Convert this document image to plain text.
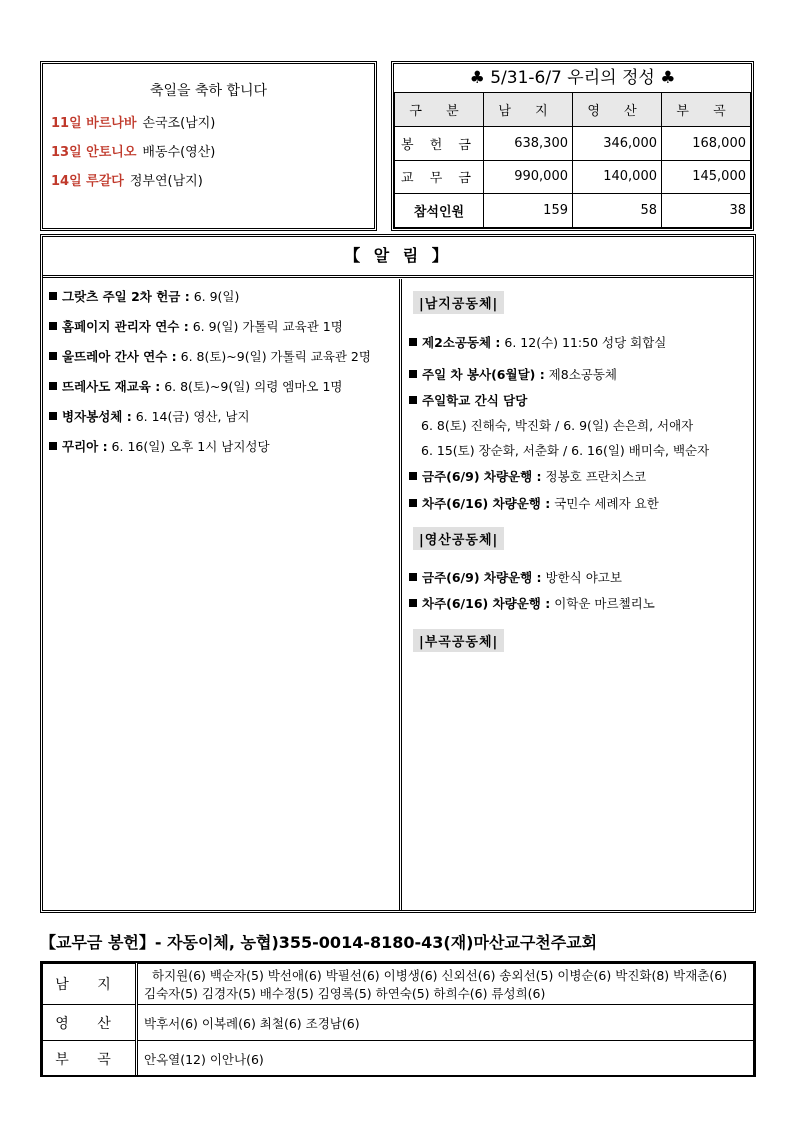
축일을 축하 합니다
11일 바르나바 손국조(남지)
13일 안토니오 배동수(영산)
14일 루갈다 정부연(남지)
♣ 5/31-6/7 우리의 정성 ♣
구 분	남 지	영 산	부 곡
봉 헌 금	638,300	346,000	168,000
교 무 금	990,000	140,000	145,000
참석인원	159	58	38
【 알 림 】
그랏츠 주일 2차 헌금 : 6. 9(일)
홈페이지 관리자 연수 : 6. 9(일) 가톨릭 교육관 1명
울뜨레아 간사 연수 : 6. 8(토)~9(일) 가톨릭 교육관 2명
뜨레사도 재교육 : 6. 8(토)~9(일) 의령 엠마오 1명
병자봉성체 : 6. 14(금) 영산, 남지
꾸리아 : 6. 16(일) 오후 1시 남지성당
|남지공동체|
제2소공동체 : 6. 12(수) 11:50 성당 회합실
주일 차 봉사(6월달) : 제8소공동체
주일학교 간식 담당
6. 8(토) 진해숙, 박진화 / 6. 9(일) 손은희, 서애자
6. 15(토) 장순화, 서춘화 / 6. 16(일) 배미숙, 백순자
금주(6/9) 차량운행 : 정봉호 프란치스코
차주(6/16) 차량운행 : 국민수 세례자 요한
|영산공동체|
금주(6/9) 차량운행 : 방한식 야고보
차주(6/16) 차량운행 : 이학운 마르첼리노
|부곡공동체|
【교무금 봉헌】- 자동이체, 농협)355-0014-8180-43(재)마산교구천주교회
남 지	하지원(6) 백순자(5) 박선애(6) 박필선(6) 이병생(6) 신외선(6) 송외선(5) 이병순(6) 박진화(8) 박재춘(6)
김숙자(5) 김경자(5) 배수정(5) 김영록(5) 하연숙(5) 하희수(6) 류성희(6)

영 산	박후서(6) 이복례(6) 최철(6) 조경남(6)

부 곡	안옥열(12) 이안나(6)
